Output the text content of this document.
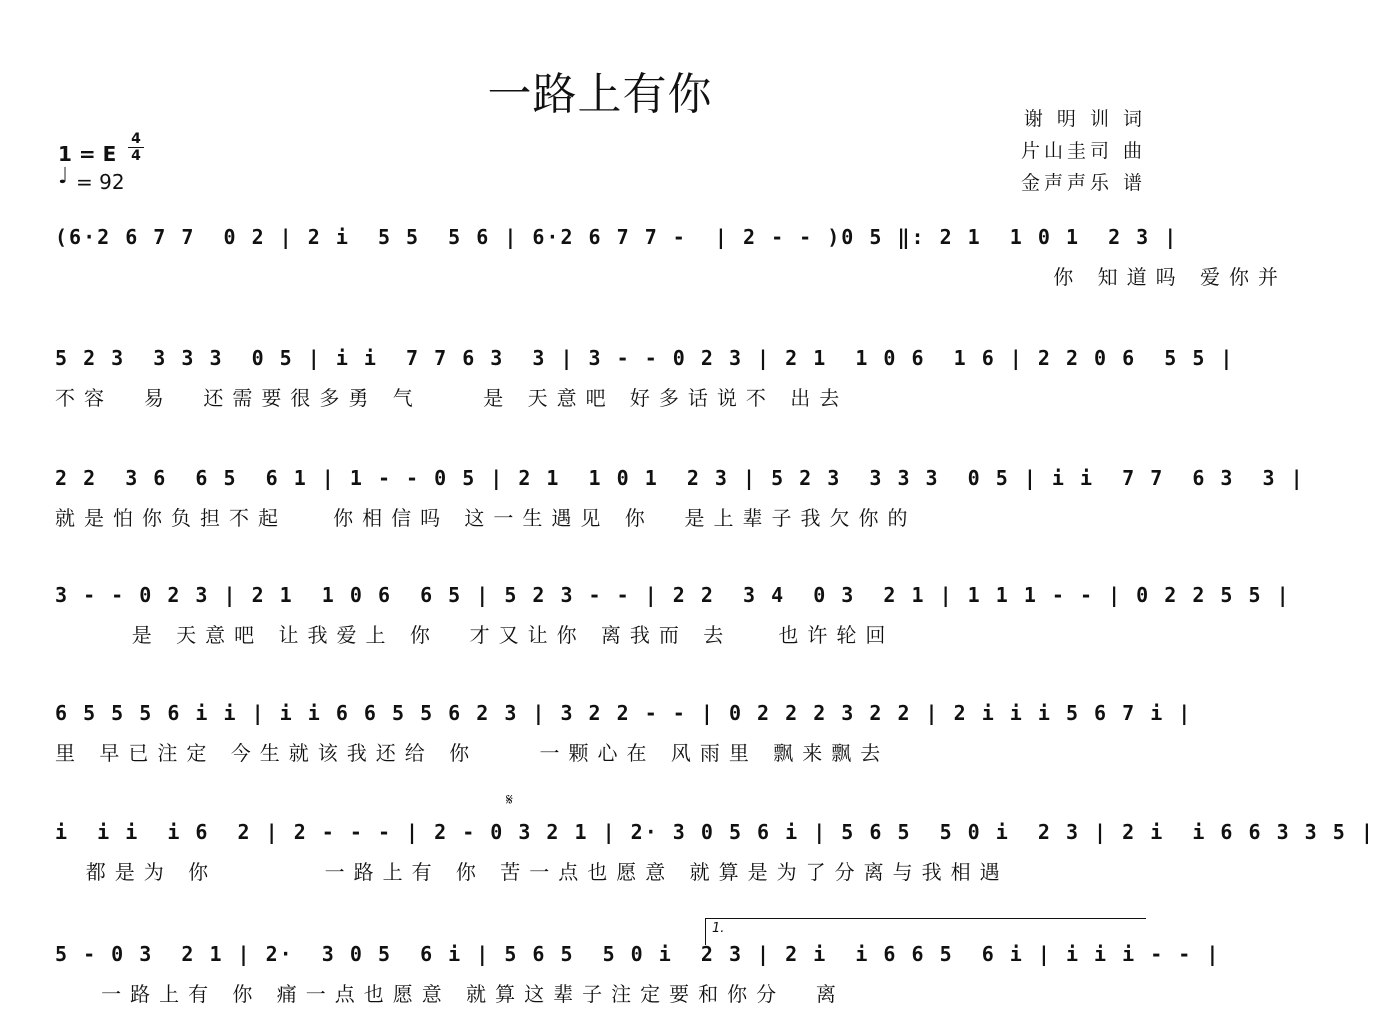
一路上有你	谢 明 训 词
片山圭司 曲
金声声乐 谱
1 = E
4
4
♩ = 92
(6·2 6 7 7  0 2 | 2 i  5 5  5 6 | 6·2 6 7 7 -  | 2 - - )0 5 ‖: 2 1  1 0 1  2 3 |
你 知道吗 爱你并
5 2 3  3 3 3  0 5 | i i  7 7 6 3  3 | 3 - - 0 2 3 | 2 1  1 0 6  1 6 | 2 2 0 6  5 5 |
不容  易  还需要很多勇 气    是 天意吧 好多话说不 出去
2 2  3 6  6 5  6 1 | 1 - - 0 5 | 2 1  1 0 1  2 3 | 5 2 3  3 3 3  0 5 | i i  7 7  6 3  3 |
就是怕你负担不起   你相信吗 这一生遇见 你  是上辈子我欠你的
3 - - 0 2 3 | 2 1  1 0 6  6 5 | 5 2 3 - - | 2 2  3 4  0 3  2 1 | 1 1 1 - - | 0 2 2 5 5 |
是 天意吧 让我爱上 你  才又让你 离我而 去   也许轮回
6 5 5 5 6 i i | i i 6 6 5 5 6 2 3 | 3 2 2 - - | 0 2 2 2 3 2 2 | 2 i i i 5 6 7 i |
里 早已注定 今生就该我还给 你    一颗心在 风雨里 飘来飘去
𝄋
i  i i  i 6  2 | 2 - - - | 2 - 0 3 2 1 | 2· 3 0 5 6 i | 5 6 5  5 0 i  2 3 | 2 i  i 6 6 3 3 5 |
都是为 你       一路上有 你 苦一点也愿意 就算是为了分离与我相遇
1.
5 - 0 3  2 1 | 2·  3 0 5  6 i | 5 6 5  5 0 i  2 3 | 2 i  i 6 6 5  6 i | i i i - - |
一路上有 你 痛一点也愿意 就算这辈子注定要和你分  离
